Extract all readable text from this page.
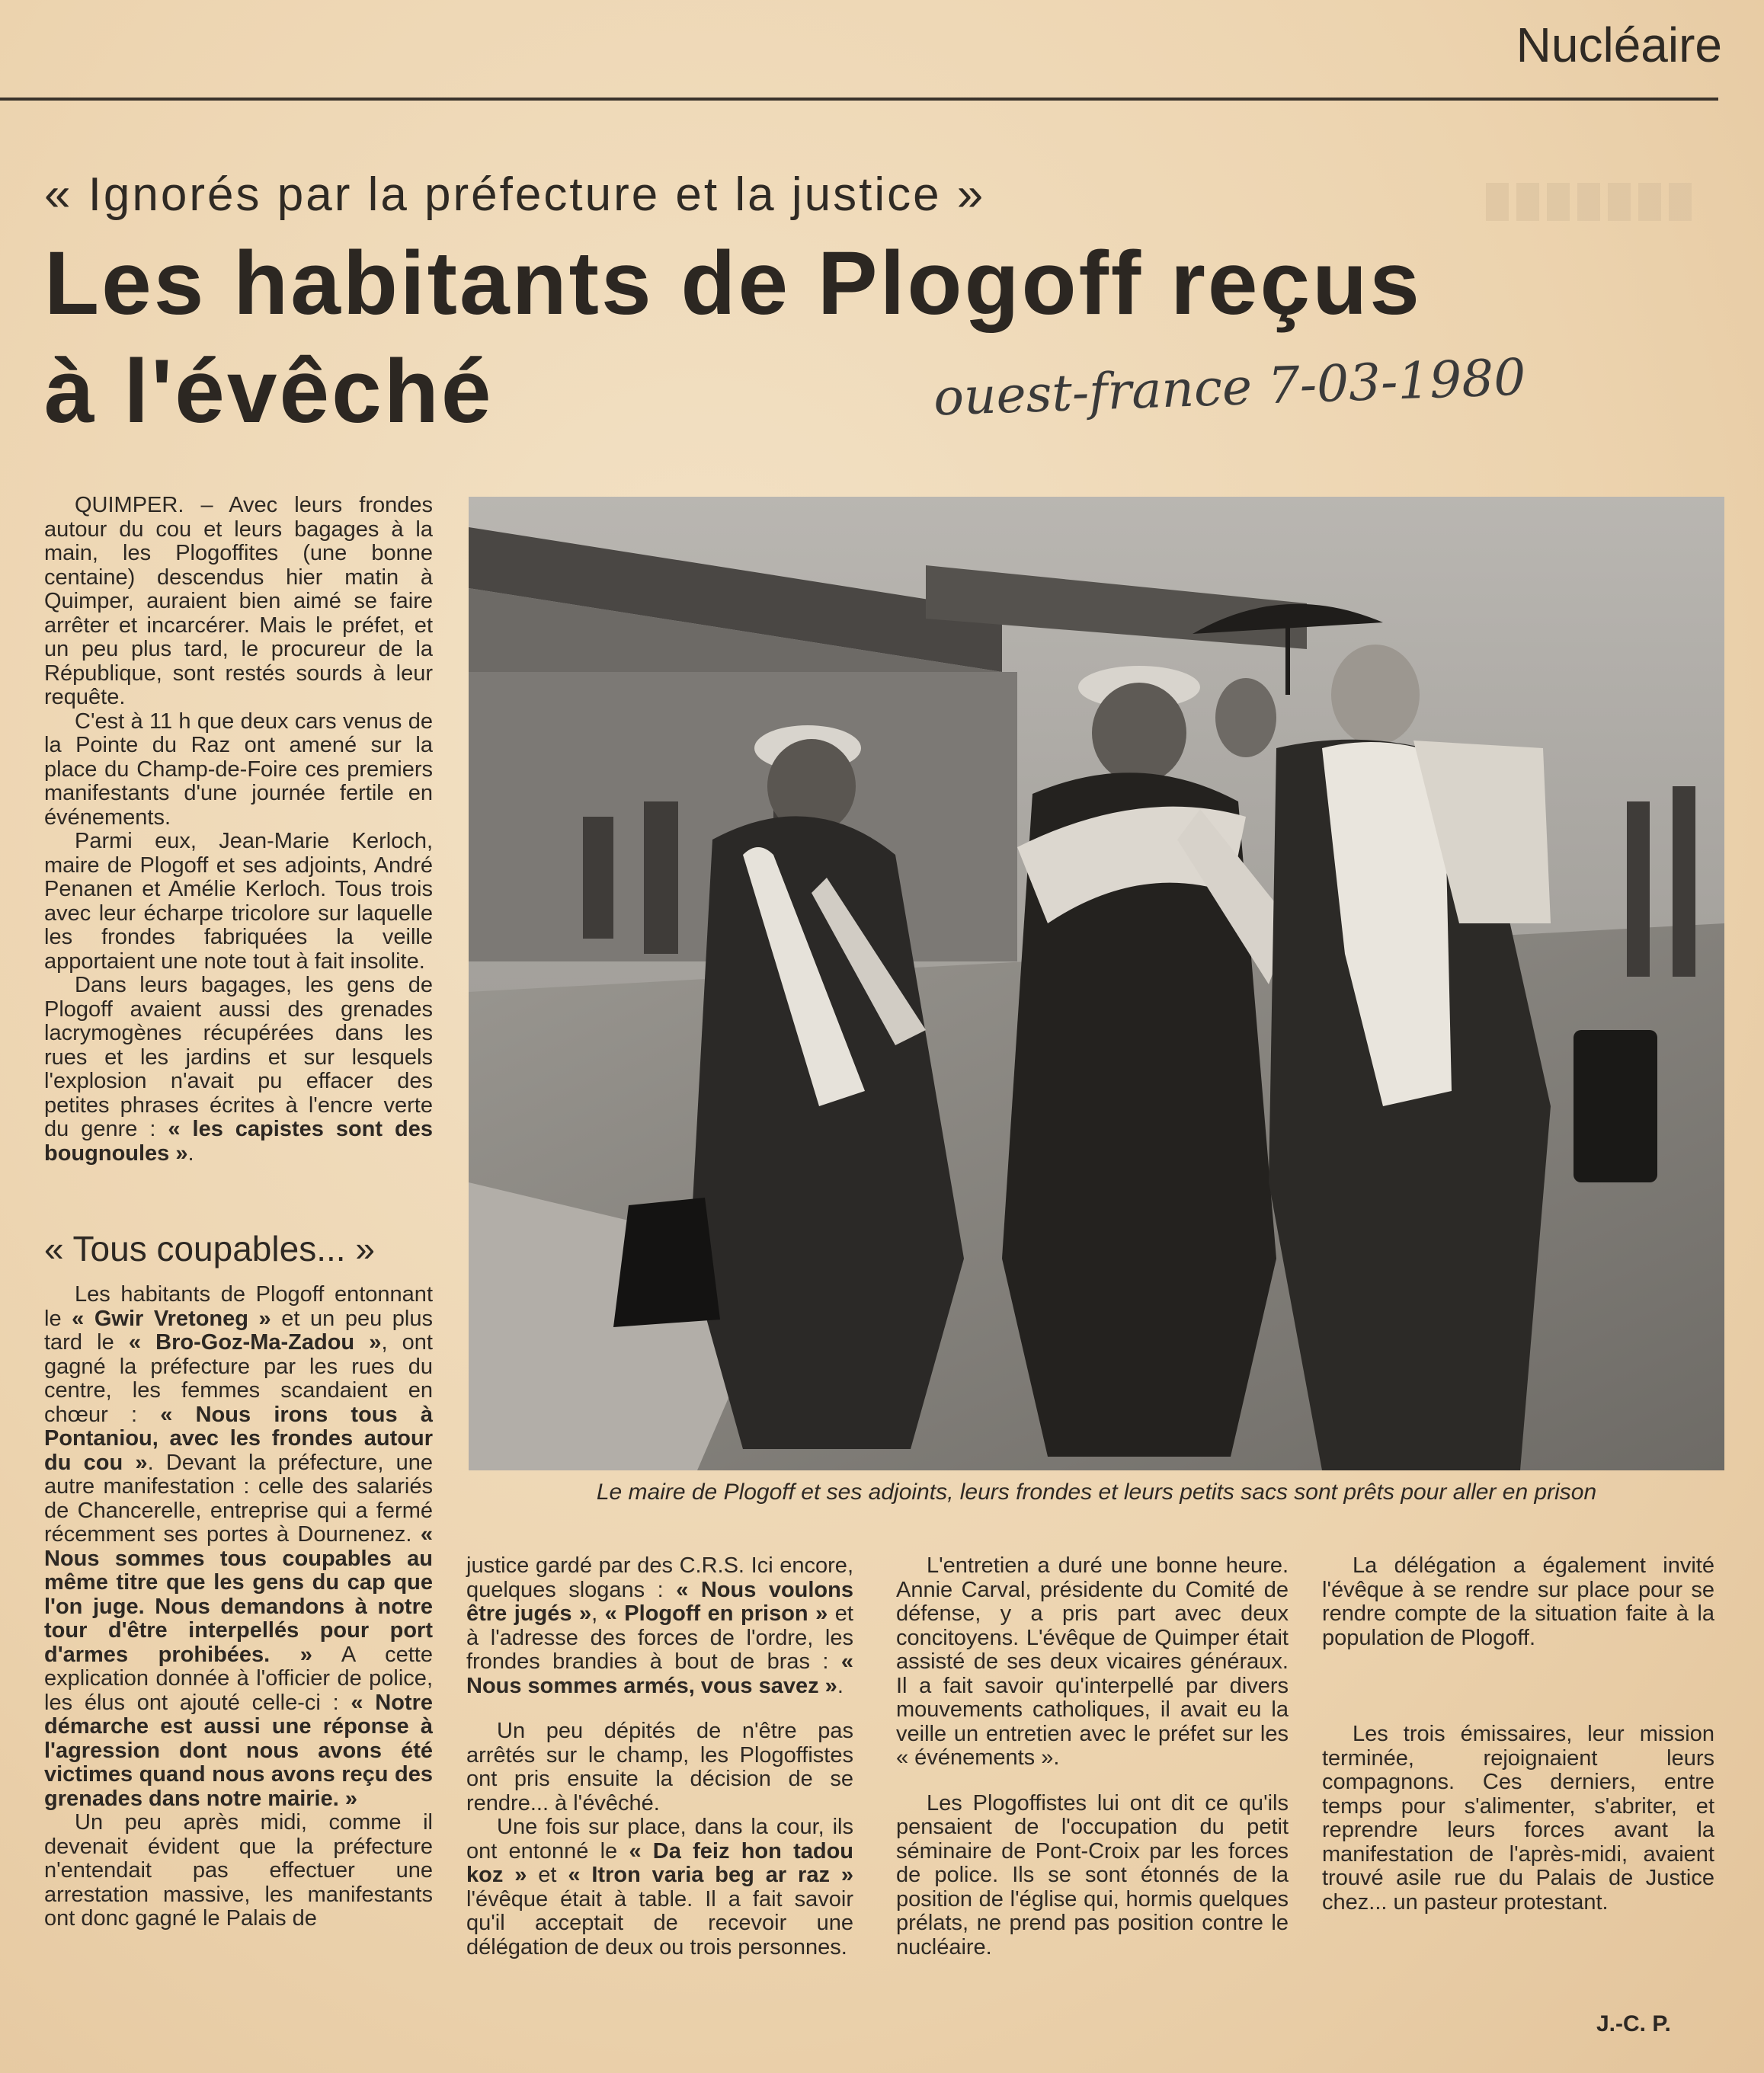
Nucléaire
« Ignorés par la préfecture et la justice »
Les habitants de Plogoff reçus
à l'évêché	ouest-france 7-03-1980

QUIMPER. – Avec leurs frondes autour du cou et leurs bagages à la main, les Plogoffites (une bonne centaine) descendus hier matin à Quimper, auraient bien aimé se faire arrêter et incarcérer. Mais le préfet, et un peu plus tard, le procureur de la République, sont restés sourds à leur requête.

C'est à 11 h que deux cars venus de la Pointe du Raz ont amené sur la place du Champ-de-Foire ces premiers manifestants d'une journée fertile en événements.

Parmi eux, Jean-Marie Kerloch, maire de Plogoff et ses adjoints, André Penanen et Amélie Kerloch. Tous trois avec leur écharpe tricolore sur laquelle les frondes fabriquées la veille apportaient une note tout à fait insolite.

Dans leurs bagages, les gens de Plogoff avaient aussi des grenades lacrymogènes récupérées dans les rues et les jardins et sur lesquels l'explosion n'avait pu effacer des petites phrases écrites à l'encre verte du genre : « les capistes sont des bougnoules ».

« Tous coupables... »

Les habitants de Plogoff entonnant le « Gwir Vretoneg » et un peu plus tard le « Bro-Goz-Ma-Zadou », ont gagné la préfecture par les rues du centre, les femmes scandaient en chœur : « Nous irons tous à Pontaniou, avec les frondes autour du cou ». Devant la préfecture, une autre manifestation : celle des salariés de Chancerelle, entreprise qui a fermé récemment ses portes à Dournenez. « Nous sommes tous coupables au même titre que les gens du cap que l'on juge. Nous demandons à notre tour d'être interpellés pour port d'armes prohibées. » A cette explication donnée à l'officier de police, les élus ont ajouté celle-ci : « Notre démarche est aussi une réponse à l'agression dont nous avons été victimes quand nous avons reçu des grenades dans notre mairie. »

Un peu après midi, comme il devenait évident que la préfecture n'entendait pas effectuer une arrestation massive, les manifestants ont donc gagné le Palais de

Le maire de Plogoff et ses adjoints, leurs frondes et leurs petits sacs sont prêts pour aller en prison

justice gardé par des C.R.S. Ici encore, quelques slogans : « Nous voulons être jugés », « Plogoff en prison » et à l'adresse des forces de l'ordre, les frondes brandies à bout de bras : « Nous sommes armés, vous savez ».

Un peu dépités de n'être pas arrêtés sur le champ, les Plogoffistes ont pris ensuite la décision de se rendre... à l'évêché.

Une fois sur place, dans la cour, ils ont entonné le « Da feiz hon tadou koz » et « Itron varia beg ar raz » l'évêque était à table. Il a fait savoir qu'il acceptait de recevoir une délégation de deux ou trois personnes.

L'entretien a duré une bonne heure. Annie Carval, présidente du Comité de défense, y a pris part avec deux concitoyens. L'évêque de Quimper était assisté de ses deux vicaires généraux. Il a fait savoir qu'interpellé par divers mouvements catholiques, il avait eu la veille un entretien avec le préfet sur les « événements ».

Les Plogoffistes lui ont dit ce qu'ils pensaient de l'occupation du petit séminaire de Pont-Croix par les forces de police. Ils se sont étonnés de la position de l'église qui, hormis quelques prélats, ne prend pas position contre le nucléaire.

La délégation a également invité l'évêque à se rendre sur place pour se rendre compte de la situation faite à la population de Plogoff.

Les trois émissaires, leur mission terminée, rejoignaient leurs compagnons. Ces derniers, entre temps pour s'alimenter, s'abriter, et reprendre leurs forces avant la manifestation de l'après-midi, avaient trouvé asile rue du Palais de Justice chez... un pasteur protestant.

J.-C. P.
